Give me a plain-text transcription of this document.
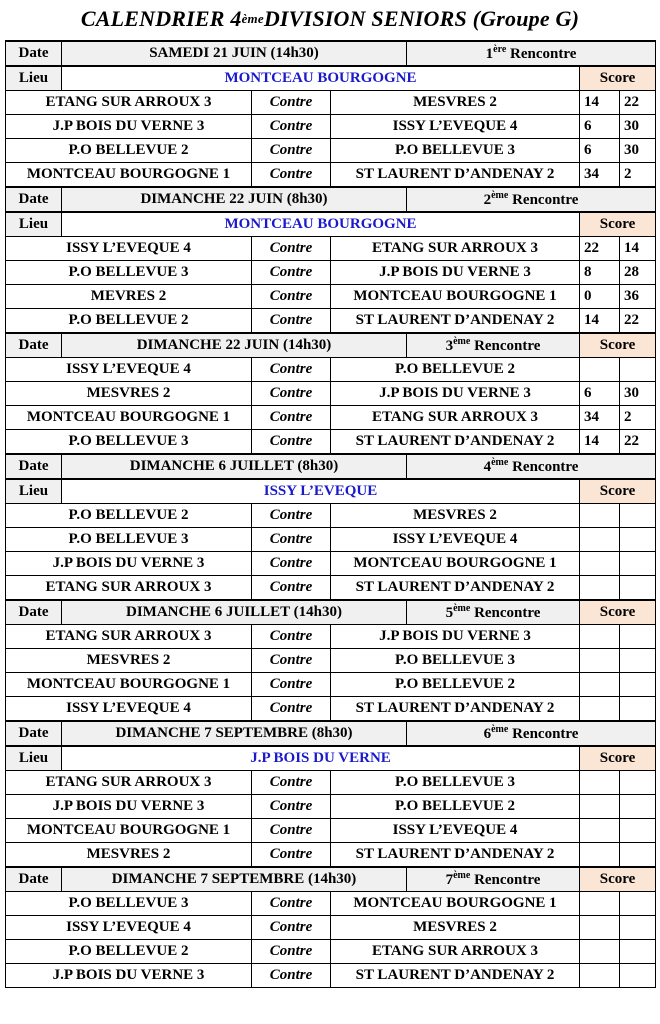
CALENDRIER 4 ème DIVISION SENIORS (Groupe G)
Date	SAMEDI 21 JUIN (14h30)			1ère Rencontre		
Lieu	MONTCEAU BOURGOGNE				Score	
ETANG SUR ARROUX 3		Contre	MESVRES 2		14	22
J.P BOIS DU VERNE 3		Contre	ISSY L’EVEQUE 4		6	30
P.O BELLEVUE 2		Contre	P.O BELLEVUE 3		6	30
MONTCEAU BOURGOGNE 1		Contre	ST LAURENT D’ANDENAY 2		34	2
Date	DIMANCHE 22 JUIN (8h30)			2ème Rencontre		
Lieu	MONTCEAU BOURGOGNE				Score	
ISSY L’EVEQUE 4		Contre	ETANG SUR ARROUX 3		22	14
P.O BELLEVUE 3		Contre	J.P BOIS DU VERNE 3		8	28
MEVRES 2		Contre	MONTCEAU BOURGOGNE 1		0	36
P.O BELLEVUE 2		Contre	ST LAURENT D’ANDENAY 2		14	22
Date	DIMANCHE 22 JUIN (14h30)			3ème Rencontre	Score	
ISSY L’EVEQUE 4		Contre	P.O BELLEVUE 2			
MESVRES 2		Contre	J.P BOIS DU VERNE 3		6	30
MONTCEAU BOURGOGNE 1		Contre	ETANG SUR ARROUX 3		34	2
P.O BELLEVUE 3		Contre	ST LAURENT D’ANDENAY 2		14	22
Date	DIMANCHE 6 JUILLET (8h30)			4ème Rencontre		
Lieu	ISSY L’EVEQUE				Score	
P.O BELLEVUE 2		Contre	MESVRES 2			
P.O BELLEVUE 3		Contre	ISSY L’EVEQUE 4			
J.P BOIS DU VERNE 3		Contre	MONTCEAU BOURGOGNE 1			
ETANG SUR ARROUX 3		Contre	ST LAURENT D’ANDENAY 2			
Date	DIMANCHE 6 JUILLET (14h30)			5ème Rencontre	Score	
ETANG SUR ARROUX 3		Contre	J.P BOIS DU VERNE 3			
MESVRES 2		Contre	P.O BELLEVUE 3			
MONTCEAU BOURGOGNE 1		Contre	P.O BELLEVUE 2			
ISSY L’EVEQUE 4		Contre	ST LAURENT D’ANDENAY 2			
Date	DIMANCHE 7 SEPTEMBRE (8h30)			6ème Rencontre		
Lieu	J.P BOIS DU VERNE				Score	
ETANG SUR ARROUX 3		Contre	P.O BELLEVUE 3			
J.P BOIS DU VERNE 3		Contre	P.O BELLEVUE 2			
MONTCEAU BOURGOGNE 1		Contre	ISSY L’EVEQUE 4			
MESVRES 2		Contre	ST LAURENT D’ANDENAY 2			
Date	DIMANCHE 7 SEPTEMBRE (14h30)			7ème Rencontre	Score	
P.O BELLEVUE 3		Contre	MONTCEAU BOURGOGNE 1			
ISSY L’EVEQUE 4		Contre	MESVRES 2			
P.O BELLEVUE 2		Contre	ETANG SUR ARROUX 3			
J.P BOIS DU VERNE 3		Contre	ST LAURENT D’ANDENAY 2			
